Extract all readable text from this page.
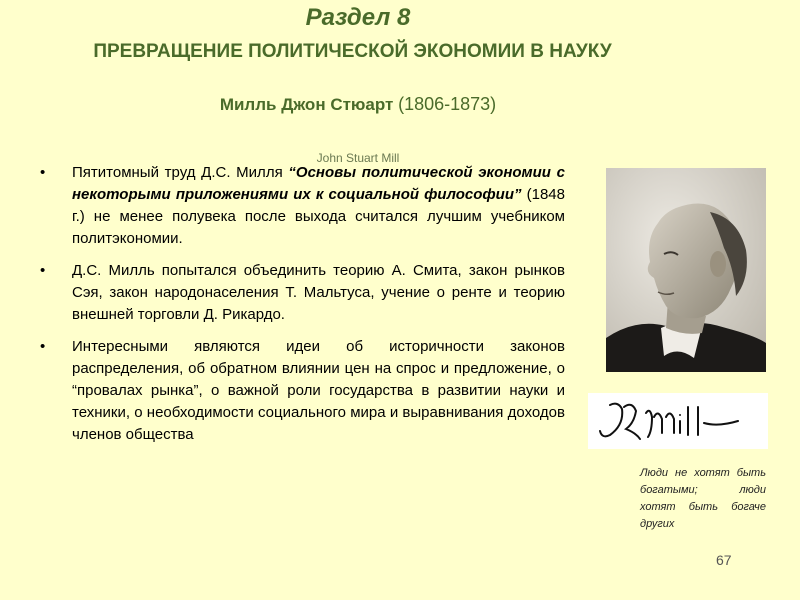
Раздел 8
ПРЕВРАЩЕНИЕ ПОЛИТИЧЕСКОЙ ЭКОНОМИИ В НАУКУ
Милль Джон Стюарт (1806-1873)
John Stuart Mill
• Пятитомный труд Д.С. Милля “Основы политической экономии с некоторыми приложениями их к социальной философии” (1848 г.) не менее полувека после выхода считался лучшим учебником политэкономии.
• Д.С. Милль попытался объединить теорию А. Смита, закон рынков Сэя, закон народонаселения Т. Мальтуса, учение о ренте и теорию внешней торговли Д. Рикардо.
• Интересными являются идеи об историчности законов распределения, об обратном влиянии цен на спрос и предложение, о “провалах рынка”, о важной роли государства в развитии науки и техники, о необходимости социального мира и выравнивания доходов членов общества
Люди не хотят быть богатыми; люди хотят быть богаче других
67
